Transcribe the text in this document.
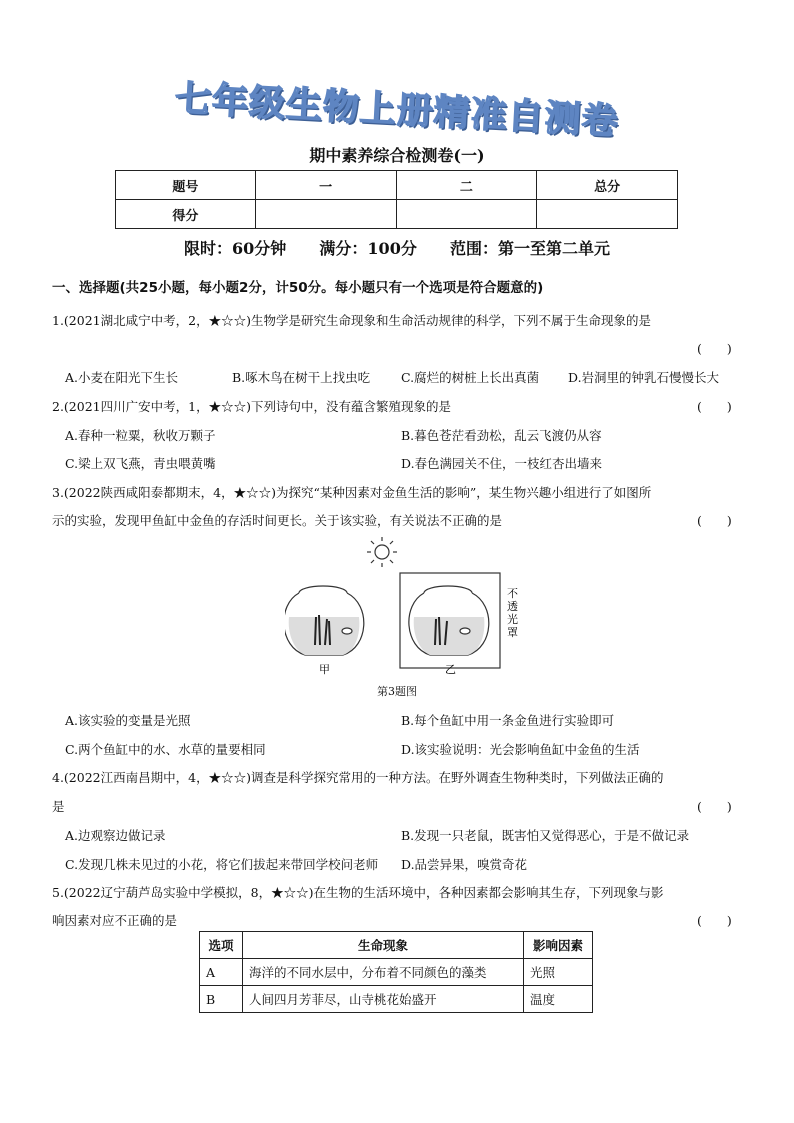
七年级生物上册精准自测卷
期中素养综合检测卷(一)
题号	一	二	总分
得分			
限时：60分钟 满分：100分 范围：第一至第二单元
一、选择题(共25小题，每小题2分，计50分。每小题只有一个选项是符合题意的)
1.(2021湖北咸宁中考，2，★☆☆)生物学是研究生命现象和生命活动规律的科学，下列不属于生命现象的是
(　　)
A.小麦在阳光下生长	B.啄木鸟在树干上找虫吃 C.腐烂的树桩上长出真菌 D.岩洞里的钟乳石慢慢长大
2.(2021四川广安中考，1，★☆☆)下列诗句中，没有蕴含繁殖现象的是	(　　)
A.春种一粒粟，秋收万颗子	B.暮色苍茫看劲松，乱云飞渡仍从容
C.梁上双飞燕，青虫喂黄嘴	D.春色满园关不住，一枝红杏出墙来
3.(2022陕西咸阳泰都期末，4，★☆☆)为探究“某种因素对金鱼生活的影响”，某生物兴趣小组进行了如图所
示的实验，发现甲鱼缸中金鱼的存活时间更长。关于该实验，有关说法不正确的是	(　　)
不 透 光 罩
甲	乙
第3题图
A.该实验的变量是光照	B.每个鱼缸中用一条金鱼进行实验即可
C.两个鱼缸中的水、水草的量要相同	D.该实验说明：光会影响鱼缸中金鱼的生活
4.(2022江西南昌期中，4，★☆☆)调查是科学探究常用的一种方法。在野外调查生物种类时，下列做法正确的
是	(　　)
A.边观察边做记录	B.发现一只老鼠，既害怕又觉得恶心，于是不做记录
C.发现几株未见过的小花，将它们拔起来带回学校问老师 D.品尝异果，嗅赏奇花
5.(2022辽宁葫芦岛实验中学模拟，8，★☆☆)在生物的生活环境中，各种因素都会影响其生存，下列现象与影
响因素对应不正确的是	(　　)
选项	生命现象	影响因素
A	海洋的不同水层中，分布着不同颜色的藻类	光照
B	人间四月芳菲尽，山寺桃花始盛开	温度
